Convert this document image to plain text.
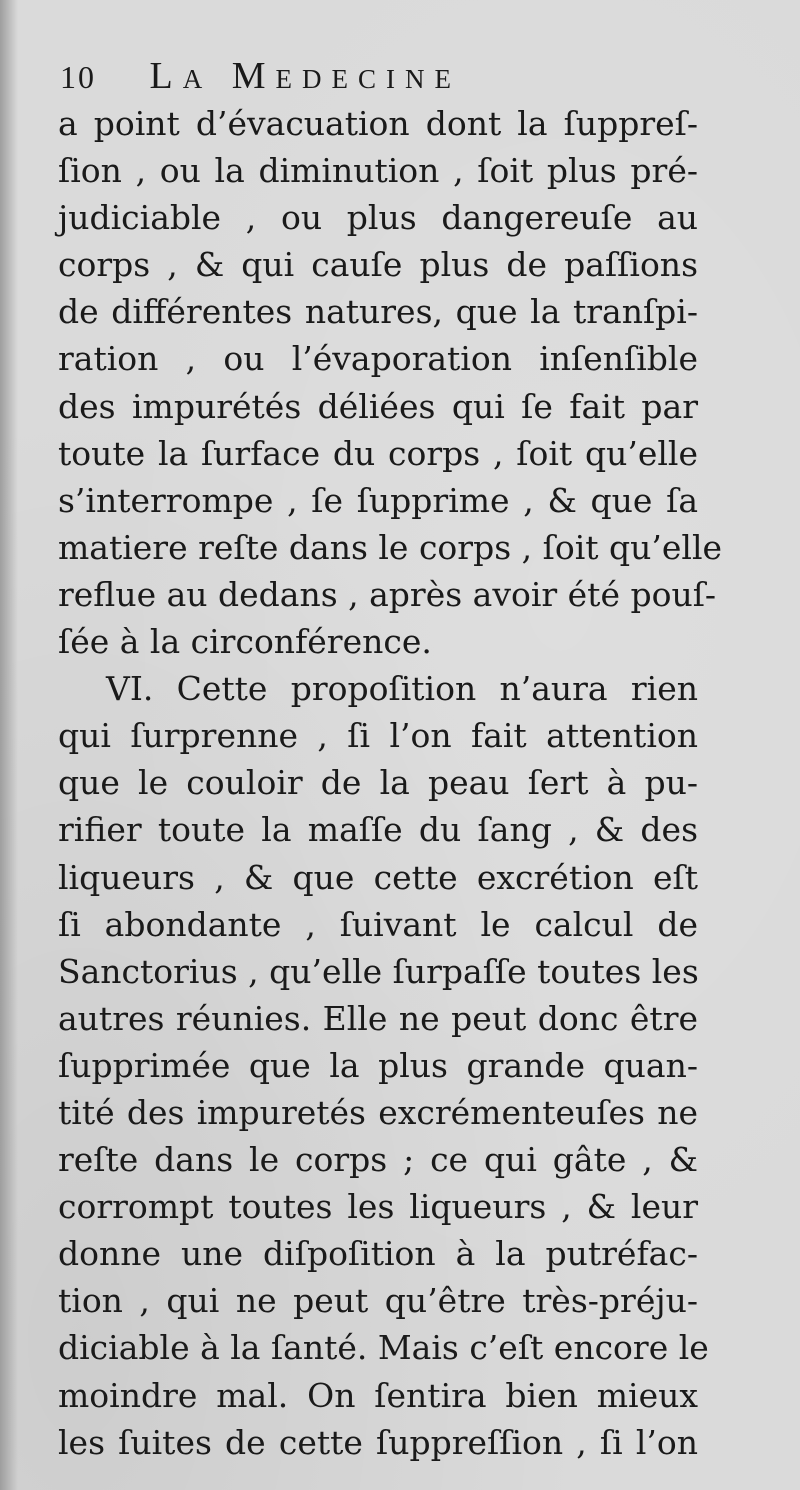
10 La Medecine
a point d’évacuation dont la ſuppreſ-
ſion , ou la diminution , ſoit plus pré-
judiciable , ou plus dangereuſe au
corps , & qui cauſe plus de paſſions
de différentes natures, que la tranſpi-
ration , ou l’évaporation inſenſible
des impurétés déliées qui ſe fait par
toute la ſurface du corps , ſoit qu’elle
s’interrompe , ſe ſupprime , & que ſa
matiere reſte dans le corps , ſoit qu’elle
reflue au dedans , après avoir été pouſ-
ſée à la circonférence.
VI. Cette propoſition n’aura rien
qui ſurprenne , ſi l’on fait attention
que le couloir de la peau ſert à pu-
rifier toute la maſſe du ſang , & des
liqueurs , & que cette excrétion eſt
ſi abondante , ſuivant le calcul de
Sanctorius , qu’elle ſurpaſſe toutes les
autres réunies. Elle ne peut donc être
ſupprimée que la plus grande quan-
tité des impuretés excrémenteuſes ne
reſte dans le corps ; ce qui gâte , &
corrompt toutes les liqueurs , & leur
donne une diſpoſition à la putréfac-
tion , qui ne peut qu’être très-préju-
diciable à la ſanté. Mais c’eſt encore le
moindre mal. On ſentira bien mieux
les ſuites de cette ſuppreſſion , ſi l’on
